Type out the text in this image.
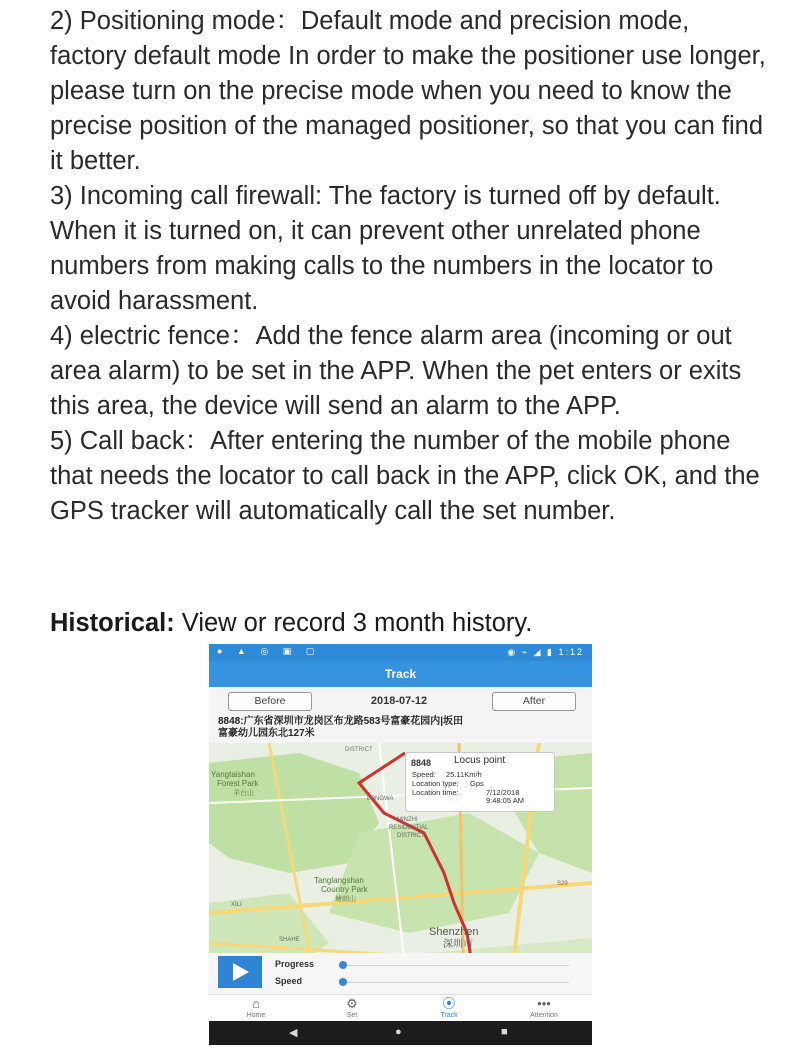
2) Positioning mode：Default mode and precision mode, factory default mode In order to make the positioner use longer, please turn on the precise mode when you need to know the precise position of the managed positioner, so that you can find it better.

3) Incoming call firewall: The factory is turned off by default. When it is turned on, it can prevent other unrelated phone numbers from making calls to the numbers in the locator to avoid harassment.

4) electric fence：Add the fence alarm area (incoming or out area alarm) to be set in the APP. When the pet enters or exits this area, the device will send an alarm to the APP.

5) Call back：After entering the number of the mobile phone that needs the locator to call back in the APP, click OK, and the GPS tracker will automatically call the set number.

Historical: View or record 3 month history.
● ▲ ◎ ▣ ▢	◉ ⌁ ◢ ▮ 1:12
Track
Before	2018-07-12	After
8848:广东省深圳市龙岗区布龙路583号富豪花园内|坂田
富豪幼儿园东北127米
DISTRICT
Yangtaishan
Forest Park
羊台山
LONGWA
MINZHI
RESIDENTIAL
DISTRICT
Tanglangshan
Country Park
塘朗山
XILI
SHAHE
Shenzhen
深圳市
S29
8848 Locus point
Speed: 25.11Km/h
Location type: Gps
Location time:	7/12/2018
9:48:05 AM
Progress
Speed
⌂
Home
⚙
Set
⦿
Track
•••
Attention
◀	●	■
